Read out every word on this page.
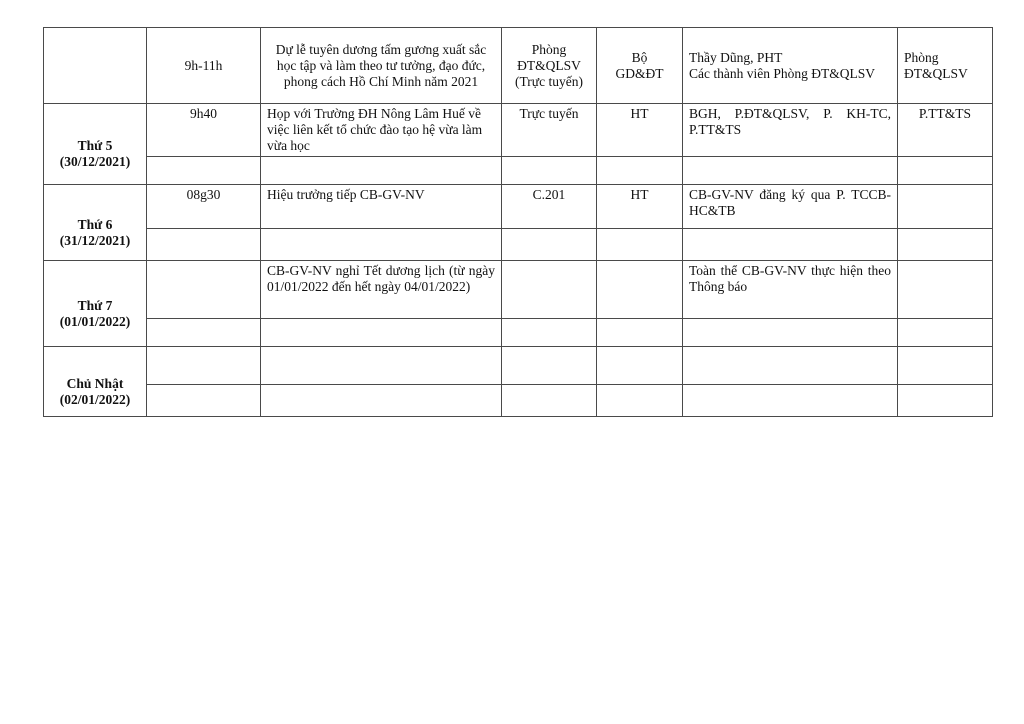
	9h-11h	Dự lễ tuyên dương tấm gương xuất sắc học tập và làm theo tư tưởng, đạo đức, phong cách Hồ Chí Minh năm 2021	Phòng
ĐT&QLSV
(Trực tuyến)	Bộ
GD&ĐT	Thầy Dũng, PHT
Các thành viên Phòng ĐT&QLSV	Phòng
ĐT&QLSV

Thứ 5
(30/12/2021)	9h40	Họp với Trường ĐH Nông Lâm Huế về việc liên kết tổ chức đào tạo hệ vừa làm vừa học	Trực tuyến	HT	BGH, P.ĐT&QLSV, P. KH-TC, P.TT&TS	P.TT&TS

Thứ 6
(31/12/2021)	08g30	Hiệu trưởng tiếp CB-GV-NV	C.201	HT	CB-GV-NV đăng ký qua P. TCCB-HC&TB	

Thứ 7
(01/01/2022)		CB-GV-NV nghỉ Tết dương lịch (từ ngày 01/01/2022 đến hết ngày 04/01/2022)			Toàn thể CB-GV-NV thực hiện theo Thông báo	

Chủ Nhật
(02/01/2022)						
